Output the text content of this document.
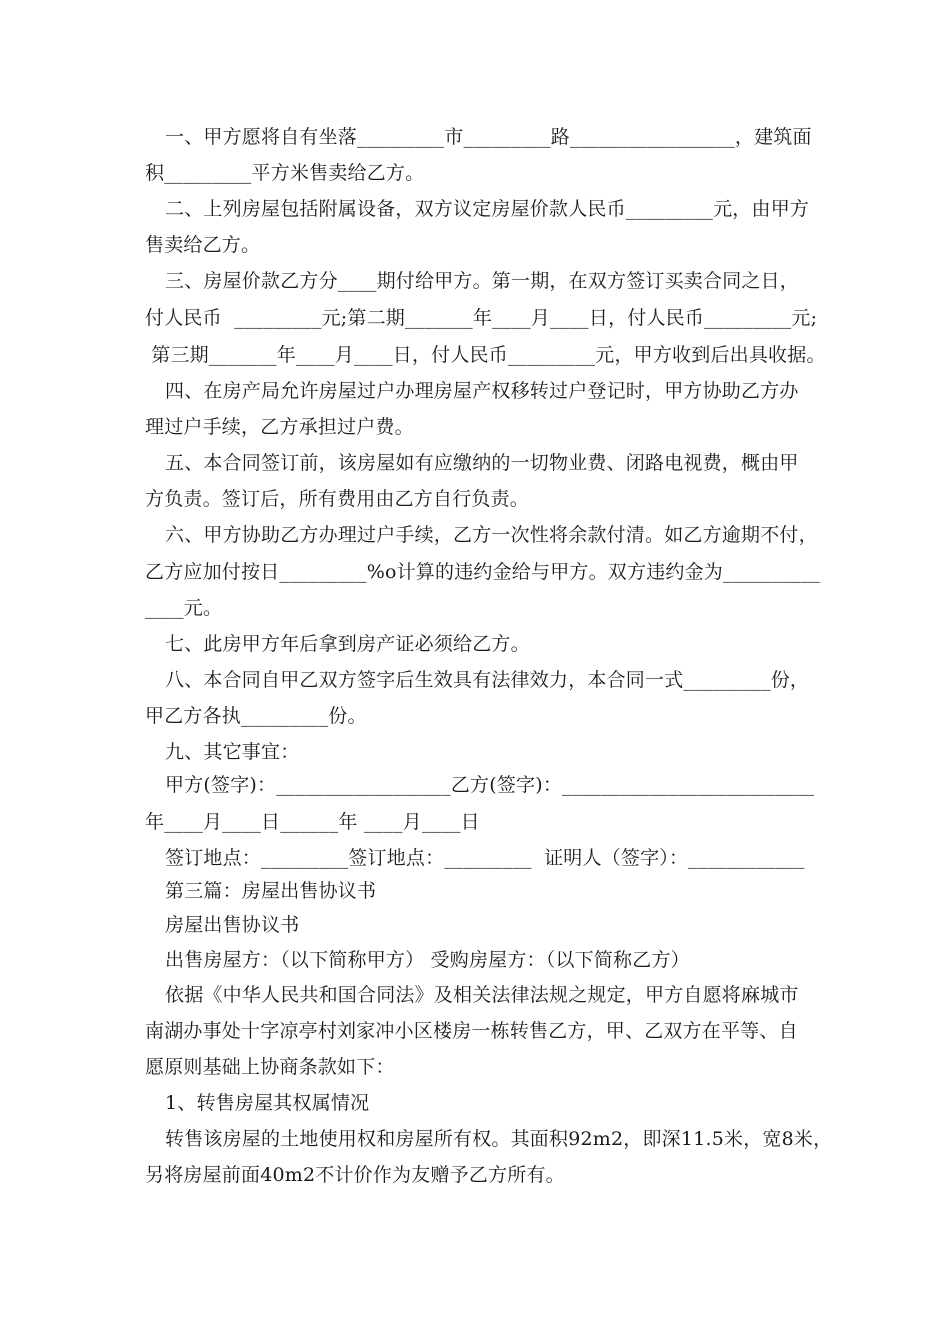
一、甲方愿将自有坐落_________市_________路_________________，建筑面
积_________平方米售卖给乙方。
二、上列房屋包括附属设备，双方议定房屋价款人民币_________元，由甲方
售卖给乙方。
三、房屋价款乙方分____期付给甲方。第一期，在双方签订买卖合同之日，
付人民币  _________元;第二期_______年____月____日，付人民币_________元;
第三期_______年____月____日，付人民币_________元，甲方收到后出具收据。
四、在房产局允许房屋过户办理房屋产权移转过户登记时，甲方协助乙方办
理过户手续，乙方承担过户费。
五、本合同签订前，该房屋如有应缴纳的一切物业费、闭路电视费，概由甲
方负责。签订后，所有费用由乙方自行负责。
六、甲方协助乙方办理过户手续，乙方一次性将余款付清。如乙方逾期不付，
乙方应加付按日_________%o计算的违约金给与甲方。双方违约金为__________
____元。
七、此房甲方年后拿到房产证必须给乙方。
八、本合同自甲乙双方签字后生效具有法律效力，本合同一式_________份，
甲乙方各执_________份。
九、其它事宜：
甲方(签字)：__________________乙方(签字)：__________________________
年____月____日______年 ____月____日
签订地点：_________签订地点：_________  证明人（签字）：____________
第三篇：房屋出售协议书
房屋出售协议书
出售房屋方：（以下简称甲方） 受购房屋方：（以下简称乙方）
依据《中华人民共和国合同法》及相关法律法规之规定，甲方自愿将麻城市
南湖办事处十字凉亭村刘家冲小区楼房一栋转售乙方，甲、乙双方在平等、自
愿原则基础上协商条款如下：
1、转售房屋其权属情况
转售该房屋的土地使用权和房屋所有权。其面积92m2，即深11.5米，宽8米，
另将房屋前面40m2不计价作为友赠予乙方所有。
